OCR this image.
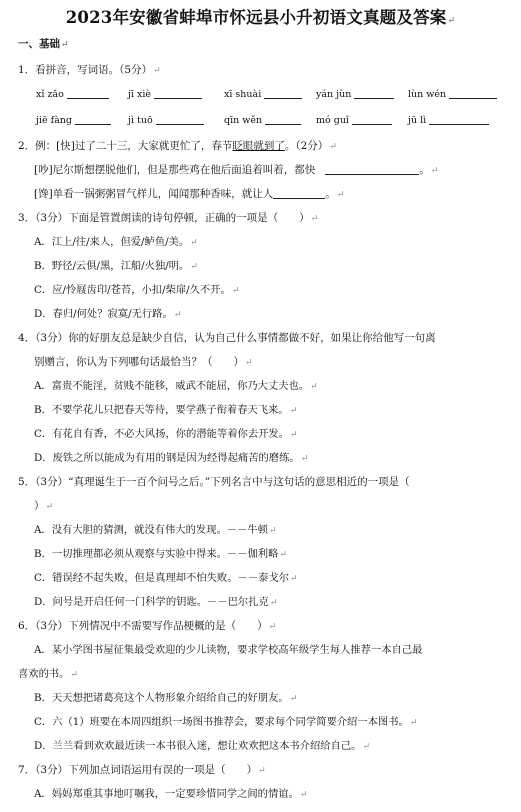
2023年安徽省蚌埠市怀远县小升初语文真题及答案↵
一、基础↵
1．看拼音，写词语。（5分）↵
xǐ zǎo	jī xiè	xī shuài	yán jùn	lùn wén
jiē fàng	jì tuō	qīn wěn	mó guǐ	jū lì
2．例：[快]过了二十三，大家就更忙了，春节眨眼就到了。（2分）↵
[吵]尼尔斯想摆脱他们，但是那些鸡在他后面追着叫着，都快	。↵
[馋]单看一锅粥粥冒气样儿，闻闻那种香味，就让人	。↵
3．（3分）下面是管置朗读的诗句停顿，正确的一项是（　　）↵
A．江上/往/来人，但爱/鲈鱼/美。↵
B．野径/云俱/黑，江船/火独/明。↵
C．应/怜屐齿印/苍苔，小扣/柴扉/久不开。↵
D．春归/何处？寂寞/无行路。↵
4．（3分）你的好朋友总是缺少自信，认为自己什么事情都做不好，如果让你给他写一句离
别赠言，你认为下列哪句话最恰当？（　　）↵
A．富贵不能淫，贫贱不能移，威武不能屈，你乃大丈夫也。↵
B．不要学花儿只把春天等待，要学燕子衔着春天飞来。↵
C．有花自有香，不必大风扬，你的潜能等着你去开发。↵
D．废铁之所以能成为有用的钢是因为经得起痛苦的磨练。↵
5．（3分）“真理诞生于一百个问号之后。”下列名言中与这句话的意思相近的一项是（
）↵
A．没有大胆的猜测，就没有伟大的发现。－－牛顿↵
B．一切推理都必须从观察与实验中得来。－－伽利略↵
C．错误经不起失败，但是真理却不怕失败。－－泰戈尔↵
D．问号是开启任何一门科学的钥匙。－－巴尔扎克↵
6．（3分）下列情况中不需要写作品梗概的是（　　）↵
A．某小学图书屋征集最受欢迎的少儿读物，要求学校高年级学生每人推荐一本自己最
喜欢的书。↵
B．天天想把诸葛亮这个人物形象介绍给自己的好朋友。↵
C．六（1）班要在本周四组织一场图书推荐会，要求每个同学简要介绍一本图书。↵
D．兰兰看到欢欢最近读一本书很入迷，想让欢欢把这本书介绍给自己。↵
7．（3分）下列加点词语运用有误的一项是（　　）↵
A．妈妈郑重其事地叮嘱我，一定要珍惜同学之间的情谊。↵
